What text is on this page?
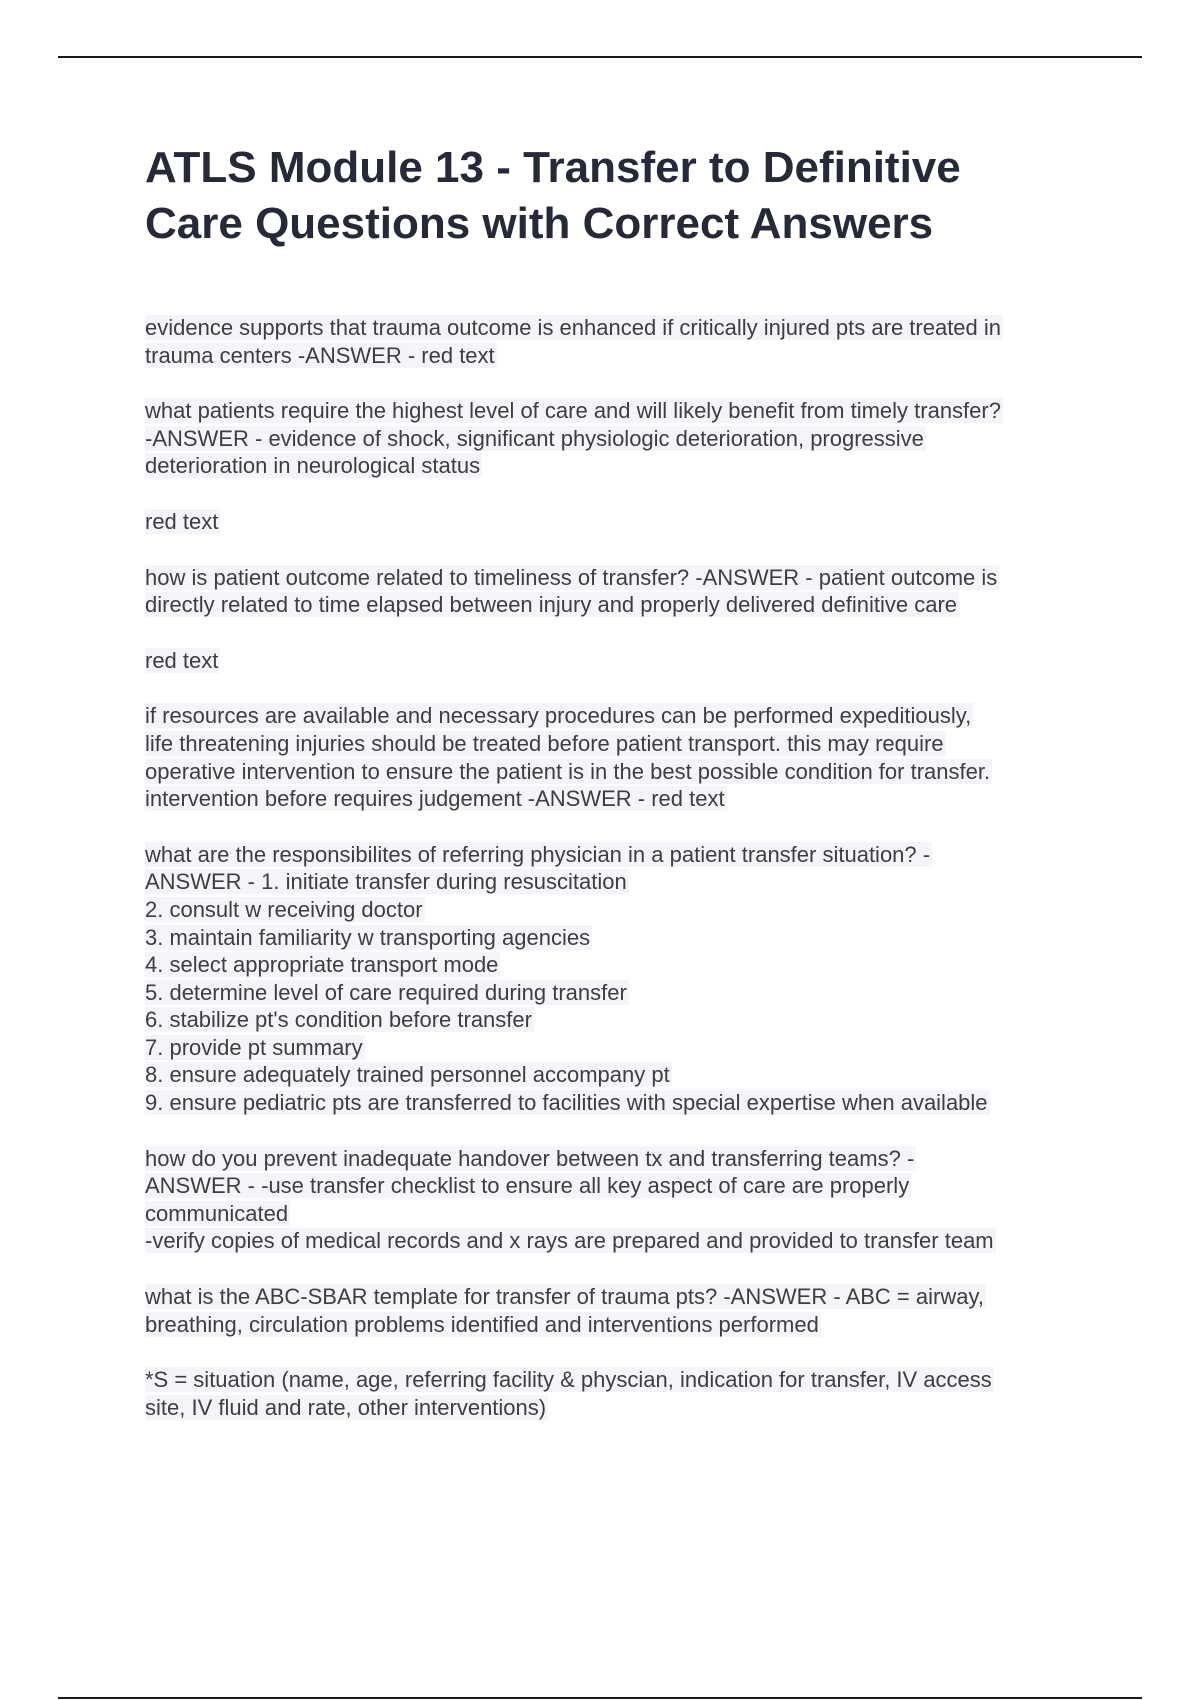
ATLS Module 13 - Transfer to Definitive
Care Questions with Correct Answers
evidence supports that trauma outcome is enhanced if critically injured pts are treated in
trauma centers -ANSWER - red text
what patients require the highest level of care and will likely benefit from timely transfer?
-ANSWER - evidence of shock, significant physiologic deterioration, progressive
deterioration in neurological status
red text
how is patient outcome related to timeliness of transfer? -ANSWER - patient outcome is
directly related to time elapsed between injury and properly delivered definitive care
red text
if resources are available and necessary procedures can be performed expeditiously,
life threatening injuries should be treated before patient transport. this may require
operative intervention to ensure the patient is in the best possible condition for transfer.
intervention before requires judgement -ANSWER - red text
what are the responsibilites of referring physician in a patient transfer situation? -
ANSWER - 1. initiate transfer during resuscitation
2. consult w receiving doctor
3. maintain familiarity w transporting agencies
4. select appropriate transport mode
5. determine level of care required during transfer
6. stabilize pt's condition before transfer
7. provide pt summary
8. ensure adequately trained personnel accompany pt
9. ensure pediatric pts are transferred to facilities with special expertise when available
how do you prevent inadequate handover between tx and transferring teams? -
ANSWER - -use transfer checklist to ensure all key aspect of care are properly
communicated
-verify copies of medical records and x rays are prepared and provided to transfer team
what is the ABC-SBAR template for transfer of trauma pts? -ANSWER - ABC = airway,
breathing, circulation problems identified and interventions performed
*S = situation (name, age, referring facility & physcian, indication for transfer, IV access
site, IV fluid and rate, other interventions)
